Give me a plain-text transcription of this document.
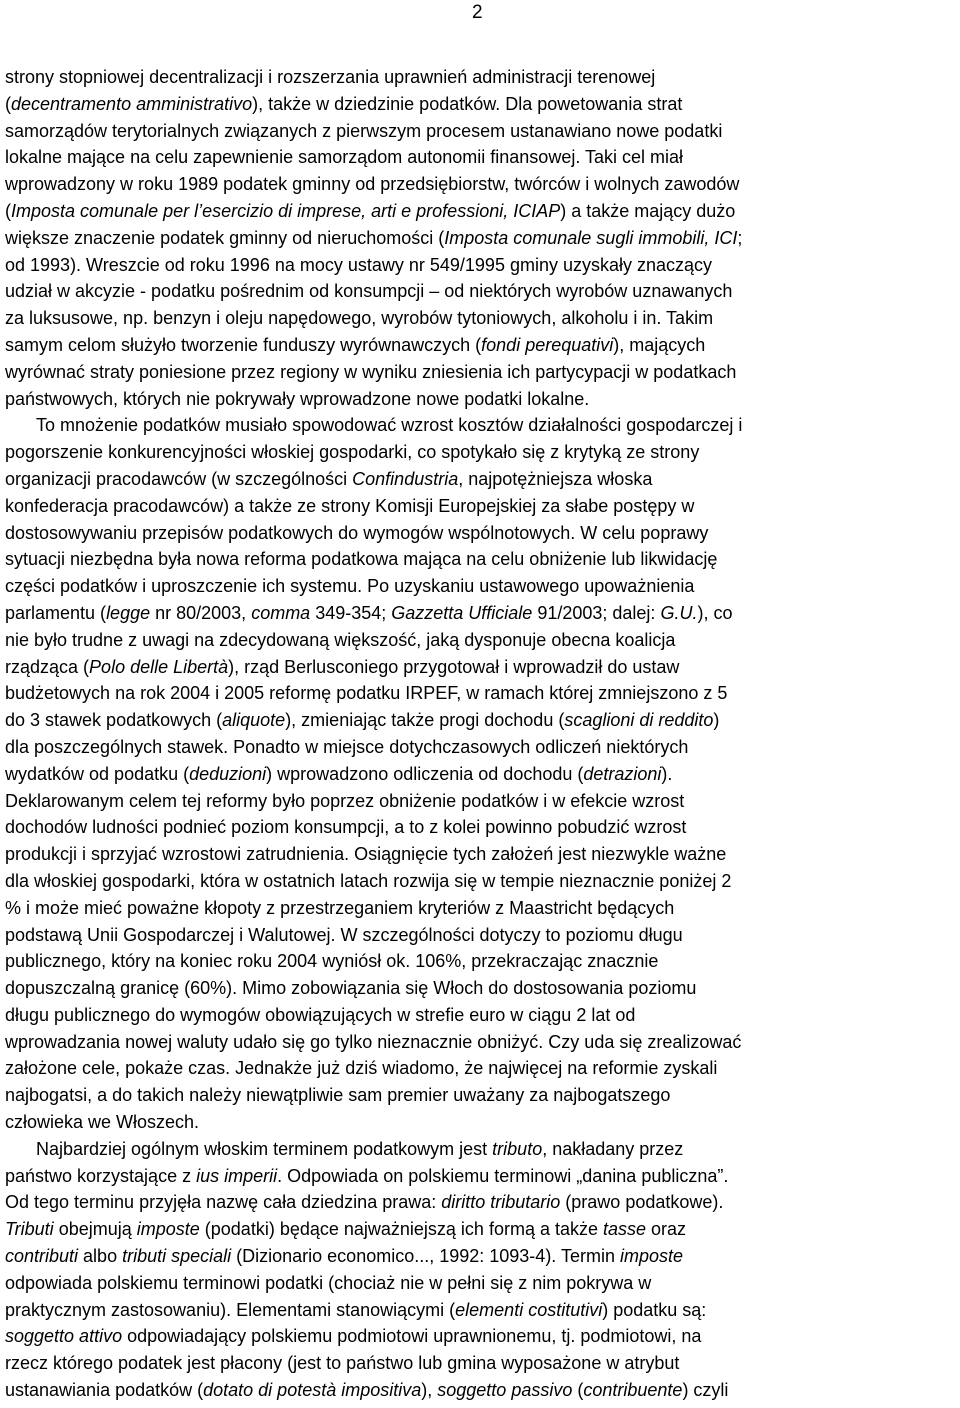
2
strony stopniowej decentralizacji i rozszerzania uprawnień administracji terenowej
(decentramento amministrativo), także w dziedzinie podatków. Dla powetowania strat
samorządów terytorialnych związanych z pierwszym procesem ustanawiano nowe podatki
lokalne mające na celu zapewnienie samorządom autonomii finansowej. Taki cel miał
wprowadzony w roku 1989 podatek gminny od przedsiębiorstw, twórców i wolnych zawodów
(Imposta comunale per l’esercizio di imprese, arti e professioni, ICIAP) a także mający dużo
większe znaczenie podatek gminny od nieruchomości (Imposta comunale sugli immobili, ICI;
od 1993). Wreszcie od roku 1996 na mocy ustawy nr 549/1995 gminy uzyskały znaczący
udział w akcyzie - podatku pośrednim od konsumpcji – od niektórych wyrobów uznawanych
za luksusowe, np. benzyn i oleju napędowego, wyrobów tytoniowych, alkoholu i in. Takim
samym celom służyło tworzenie funduszy wyrównawczych (fondi perequativi), mających
wyrównać straty poniesione przez regiony w wyniku zniesienia ich partycypacji w podatkach
państwowych, których nie pokrywały wprowadzone nowe podatki lokalne.
To mnożenie podatków musiało spowodować wzrost kosztów działalności gospodarczej i
pogorszenie konkurencyjności włoskiej gospodarki, co spotykało się z krytyką ze strony
organizacji pracodawców (w szczególności Confindustria, najpotężniejsza włoska
konfederacja pracodawców) a także ze strony Komisji Europejskiej za słabe postępy w
dostosowywaniu przepisów podatkowych do wymogów wspólnotowych. W celu poprawy
sytuacji niezbędna była nowa reforma podatkowa mająca na celu obniżenie lub likwidację
części podatków i uproszczenie ich systemu. Po uzyskaniu ustawowego upoważnienia
parlamentu (legge nr 80/2003, comma 349-354; Gazzetta Ufficiale 91/2003; dalej: G.U.), co
nie było trudne z uwagi na zdecydowaną większość, jaką dysponuje obecna koalicja
rządząca (Polo delle Libertà), rząd Berlusconiego przygotował i wprowadził do ustaw
budżetowych na rok 2004 i 2005 reformę podatku IRPEF, w ramach której zmniejszono z 5
do 3 stawek podatkowych (aliquote), zmieniając także progi dochodu (scaglioni di reddito)
dla poszczególnych stawek. Ponadto w miejsce dotychczasowych odliczeń niektórych
wydatków od podatku (deduzioni) wprowadzono odliczenia od dochodu (detrazioni).
Deklarowanym celem tej reformy było poprzez obniżenie podatków i w efekcie wzrost
dochodów ludności podnieć poziom konsumpcji, a to z kolei powinno pobudzić wzrost
produkcji i sprzyjać wzrostowi zatrudnienia. Osiągnięcie tych założeń jest niezwykle ważne
dla włoskiej gospodarki, która w ostatnich latach rozwija się w tempie nieznacznie poniżej 2
% i może mieć poważne kłopoty z przestrzeganiem kryteriów z Maastricht będących
podstawą Unii Gospodarczej i Walutowej. W szczególności dotyczy to poziomu długu
publicznego, który na koniec roku 2004 wyniósł ok. 106%, przekraczając znacznie
dopuszczalną granicę (60%). Mimo zobowiązania się Włoch do dostosowania poziomu
długu publicznego do wymogów obowiązujących w strefie euro w ciągu 2 lat od
wprowadzania nowej waluty udało się go tylko nieznacznie obniżyć. Czy uda się zrealizować
założone cele, pokaże czas. Jednakże już dziś wiadomo, że najwięcej na reformie zyskali
najbogatsi, a do takich należy niewątpliwie sam premier uważany za najbogatszego
człowieka we Włoszech.
Najbardziej ogólnym włoskim terminem podatkowym jest tributo, nakładany przez
państwo korzystające z ius imperii. Odpowiada on polskiemu terminowi „danina publiczna”.
Od tego terminu przyjęła nazwę cała dziedzina prawa: diritto tributario (prawo podatkowe).
Tributi obejmują imposte (podatki) będące najważniejszą ich formą a także tasse oraz
contributi albo tributi speciali (Dizionario economico..., 1992: 1093-4). Termin imposte
odpowiada polskiemu terminowi podatki (chociaż nie w pełni się z nim pokrywa w
praktycznym zastosowaniu). Elementami stanowiącymi (elementi costitutivi) podatku są:
soggetto attivo odpowiadający polskiemu podmiotowi uprawnionemu, tj. podmiotowi, na
rzecz którego podatek jest płacony (jest to państwo lub gmina wyposażone w atrybut
ustanawiania podatków (dotato di potestà impositiva), soggetto passivo (contribuente) czyli
